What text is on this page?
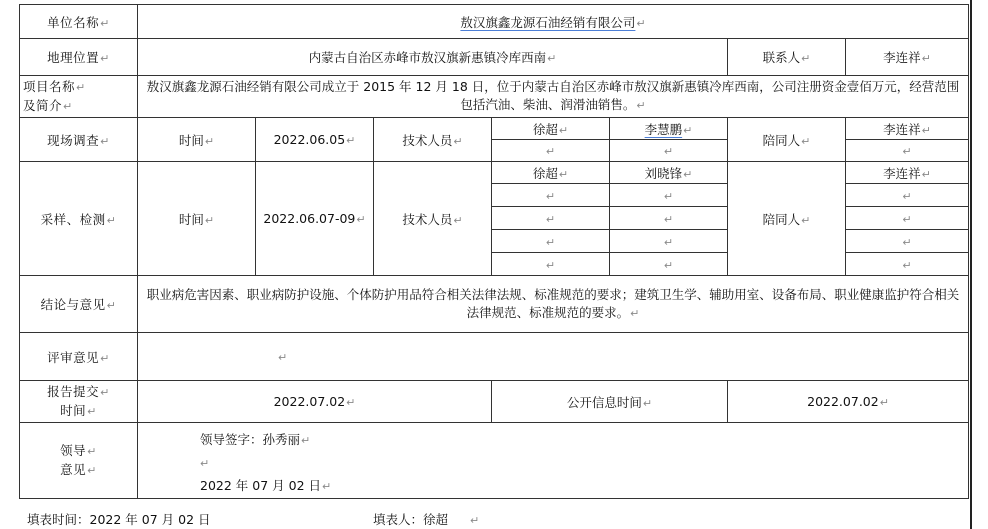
单位名称↵	敖汉旗鑫龙源石油经销有限公司↵						
地理位置↵	内蒙古自治区赤峰市敖汉旗新惠镇冷库西南↵					联系人↵	李连祥↵
项目名称↵
及简介↵	敖汉旗鑫龙源石油经销有限公司成立于 2015 年 12 月 18 日，位于内蒙古自治区赤峰市敖汉旗新惠镇冷库西南，公司注册资金壹佰万元，经营范围包括汽油、柴油、润滑油销售。↵						
现场调查↵	时间↵	2022.06.05↵	技术人员↵	徐超↵	李慧鹏↵	陪同人↵	李连祥↵
				↵	↵		↵
采样、检测↵	时间↵	2022.06.07-09↵	技术人员↵	徐超↵	刘晓锋↵	陪同人↵	李连祥↵
				↵	↵		↵
				↵	↵		↵
				↵	↵		↵
				↵	↵		↵
结论与意见↵	职业病危害因素、职业病防护设施、个体防护用品符合相关法律法规、标准规范的要求；建筑卫生学、辅助用室、设备布局、职业健康监护符合相关法律规范、标准规范的要求。↵						
评审意见↵	↵						
报告提交↵
时间↵	2022.07.02↵			公开信息时间↵		2022.07.02↵	
领导↵
意见↵	领导签字：孙秀丽↵
↵
2022 年 07 月 02 日↵						
填表时间：2022 年 07 月 02 日	填表人：徐超 ↵
